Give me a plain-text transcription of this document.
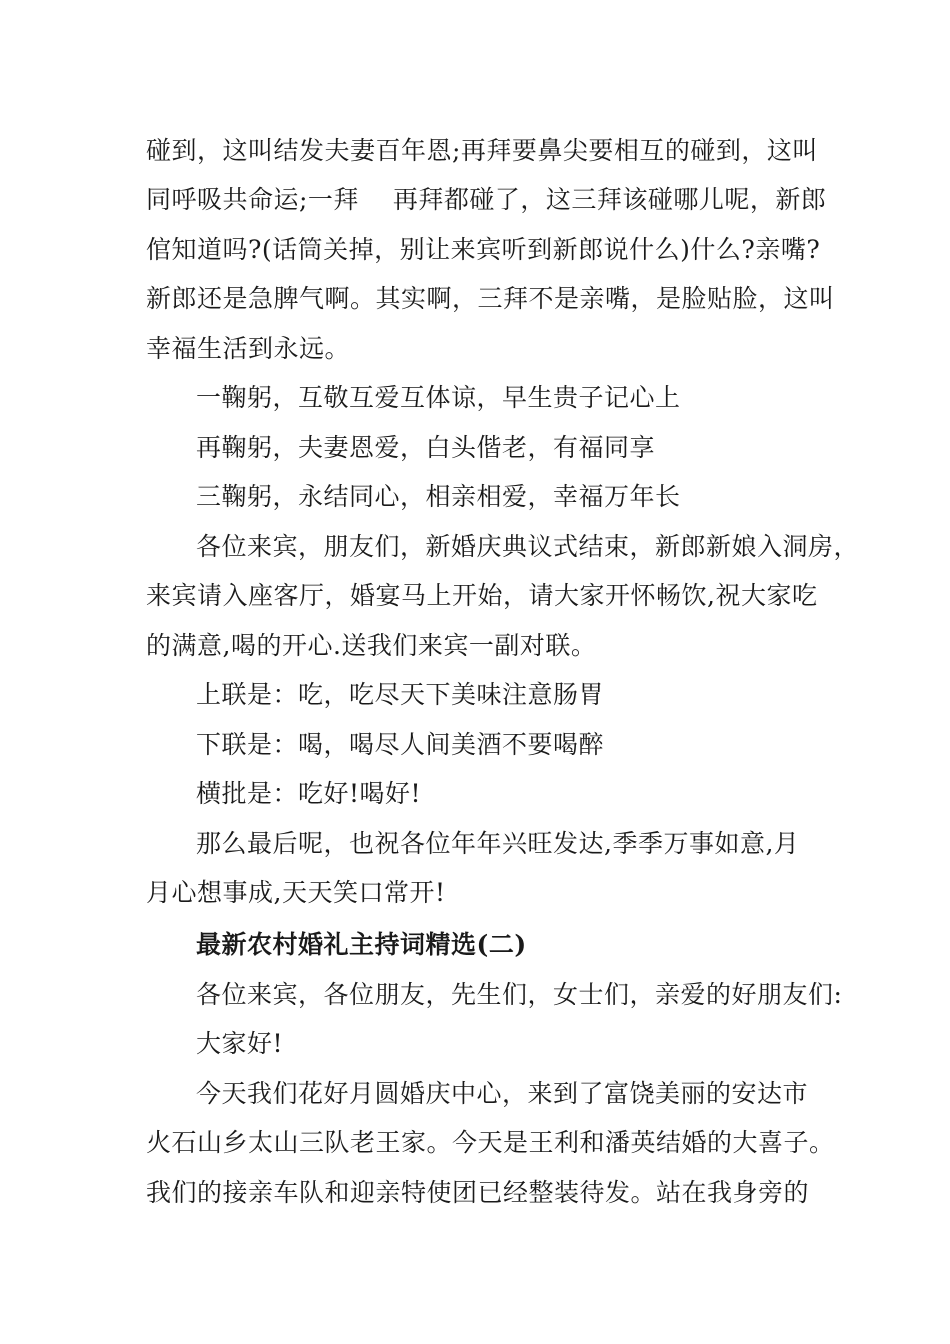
碰到，这叫结发夫妻百年恩;再拜要鼻尖要相互的碰到，这叫
同呼吸共命运;一拜　 再拜都碰了，这三拜该碰哪儿呢，新郎
倌知道吗?(话筒关掉，别让来宾听到新郎说什么)什么?亲嘴?
新郎还是急脾气啊。其实啊，三拜不是亲嘴，是脸贴脸，这叫
幸福生活到永远。
一鞠躬，互敬互爱互体谅，早生贵子记心上
再鞠躬，夫妻恩爱，白头偕老，有福同享
三鞠躬，永结同心，相亲相爱，幸福万年长
各位来宾，朋友们，新婚庆典议式结束，新郎新娘入洞房，
来宾请入座客厅，婚宴马上开始，请大家开怀畅饮,祝大家吃
的满意,喝的开心.送我们来宾一副对联。
上联是：吃，吃尽天下美味注意肠胃
下联是：喝，喝尽人间美酒不要喝醉
横批是：吃好!喝好!
那么最后呢，也祝各位年年兴旺发达,季季万事如意,月
月心想事成,天天笑口常开!
最新农村婚礼主持词精选(二)
各位来宾，各位朋友，先生们，女士们，亲爱的好朋友们:
大家好!
今天我们花好月圆婚庆中心，来到了富饶美丽的安达市
火石山乡太山三队老王家。今天是王利和潘英结婚的大喜子。
我们的接亲车队和迎亲特使团已经整装待发。站在我身旁的
